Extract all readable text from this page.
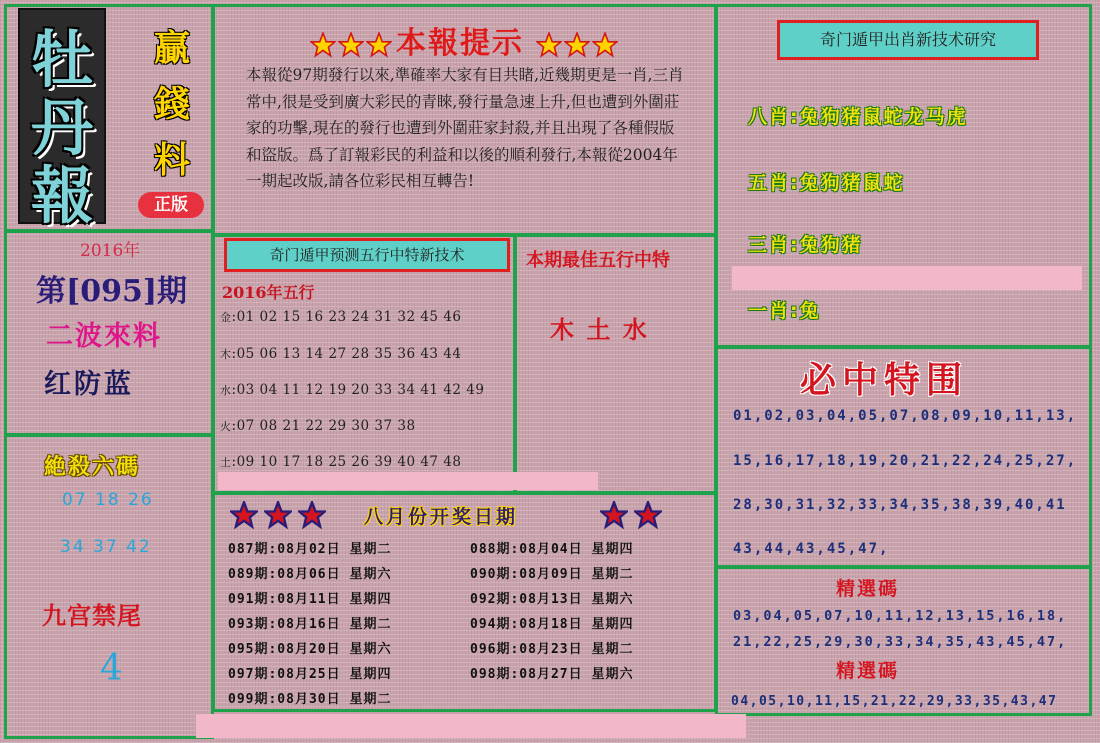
牡
丹
報
贏
錢
料
正版
2016年
第[095]期
二波來料
红防蓝
絶殺六碼
07 18 26
34 37 42
九宫禁尾
4
本報提示
本報從97期發行以來,準確率大家有目共睹,近幾期更是一肖,三肖常中,很是受到廣大彩民的青睞,發行量急速上升,但也遭到外圍莊家的功擊,現在的發行也遭到外圍莊家封殺,并且出現了各種假版和盜版。爲了訂報彩民的利益和以後的順利發行,本報從2004年一期起改版,請各位彩民相互轉告!
奇门遁甲预测五行中特新技术
2016年五行
金:01 02 15 16 23 24 31 32 45 46
木:05 06 13 14 27 28 35 36 43 44
水:03 04 11 12 19 20 33 34 41 42 49
火:07 08 21 22 29 30 37 38
土:09 10 17 18 25 26 39 40 47 48
本期最佳五行中特
木 土 水
八月份开奖日期
087期:08月02日 星期二
089期:08月06日 星期六
091期:08月11日 星期四
093期:08月16日 星期二
095期:08月20日 星期六
097期:08月25日 星期四
099期:08月30日 星期二
088期:08月04日 星期四
090期:08月09日 星期二
092期:08月13日 星期六
094期:08月18日 星期四
096期:08月23日 星期二
098期:08月27日 星期六
奇门遁甲出肖新技术研究
八肖:兔狗猪鼠蛇龙马虎
五肖:兔狗猪鼠蛇
三肖:兔狗猪
一肖:兔
必中特围
01,02,03,04,05,07,08,09,10,11,13,
15,16,17,18,19,20,21,22,24,25,27,
28,30,31,32,33,34,35,38,39,40,41
43,44,43,45,47,
精選碼
03,04,05,07,10,11,12,13,15,16,18,
21,22,25,29,30,33,34,35,43,45,47,
精選碼
04,05,10,11,15,21,22,29,33,35,43,47
